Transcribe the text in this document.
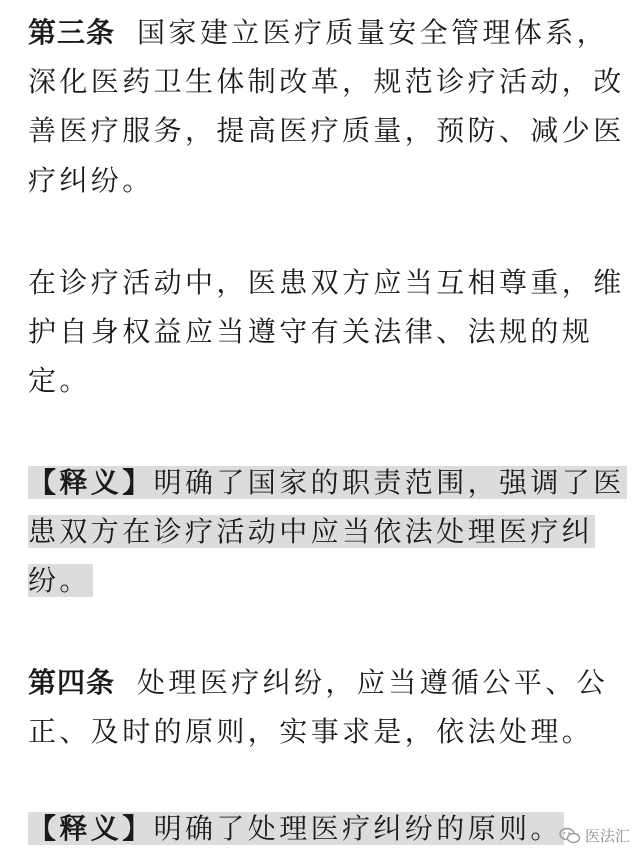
第三条 国家建立医疗质量安全管理体系，
深化医药卫生体制改革，规范诊疗活动，改
善医疗服务，提高医疗质量，预防、减少医
疗纠纷。
在诊疗活动中，医患双方应当互相尊重，维
护自身权益应当遵守有关法律、法规的规
定。
【释义】明确了国家的职责范围，强调了医
患双方在诊疗活动中应当依法处理医疗纠
纷。
第四条 处理医疗纠纷，应当遵循公平、公
正、及时的原则，实事求是，依法处理。
【释义】明确了处理医疗纠纷的原则。 医法汇
